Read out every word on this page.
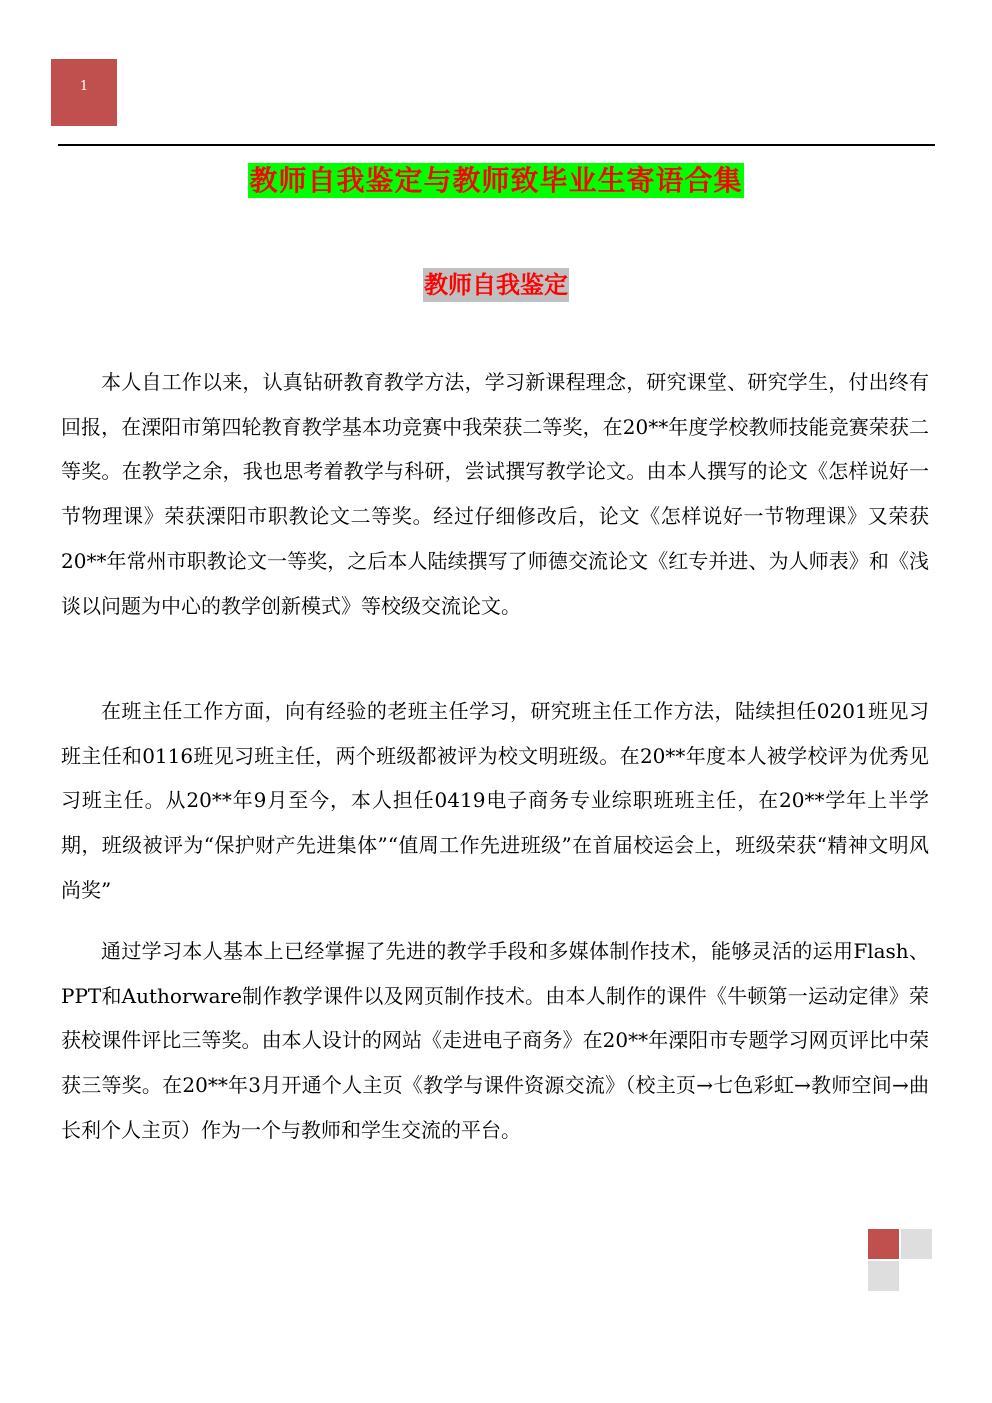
1
教师自我鉴定与教师致毕业生寄语合集
教师自我鉴定

本人自工作以来，认真钻研教育教学方法，学习新课程理念，研究课堂、研究学生，付出终有回报，在溧阳市第四轮教育教学基本功竞赛中我荣获二等奖，在20**年度学校教师技能竞赛荣获二等奖。在教学之余，我也思考着教学与科研，尝试撰写教学论文。由本人撰写的论文《怎样说好一节物理课》荣获溧阳市职教论文二等奖。经过仔细修改后，论文《怎样说好一节物理课》又荣获20**年常州市职教论文一等奖，之后本人陆续撰写了师德交流论文《红专并进、为人师表》和《浅谈以问题为中心的教学创新模式》等校级交流论文。

在班主任工作方面，向有经验的老班主任学习，研究班主任工作方法，陆续担任0201班见习班主任和0116班见习班主任，两个班级都被评为校文明班级。在20**年度本人被学校评为优秀见习班主任。从20**年9月至今，本人担任0419电子商务专业综职班班主任，在20**学年上半学期，班级被评为“保护财产先进集体”“值周工作先进班级”在首届校运会上，班级荣获“精神文明风尚奖”

通过学习本人基本上已经掌握了先进的教学手段和多媒体制作技术，能够灵活的运用Flash、PPT和Authorware制作教学课件以及网页制作技术。由本人制作的课件《牛顿第一运动定律》荣获校课件评比三等奖。由本人设计的网站《走进电子商务》在20**年溧阳市专题学习网页评比中荣获三等奖。在20**年3月开通个人主页《教学与课件资源交流》（校主页→七色彩虹→教师空间→曲长利个人主页）作为一个与教师和学生交流的平台。
